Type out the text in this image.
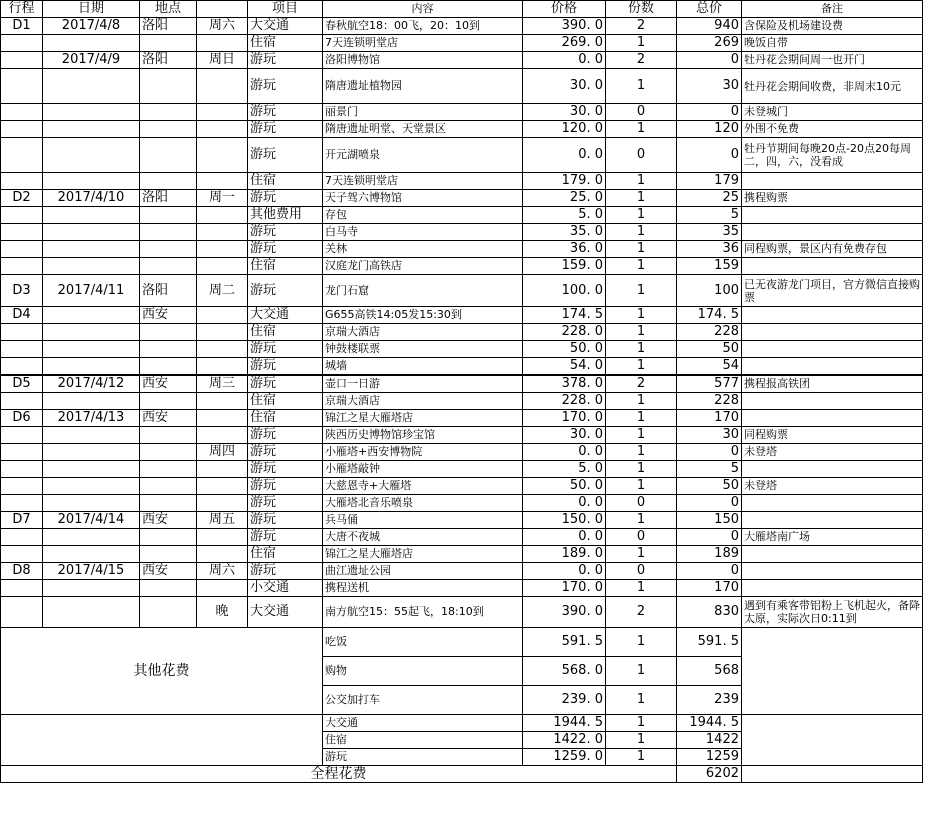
行程	日期	地点		项目	内容	价格	份数	总价	备注
D1	2017/4/8	洛阳	周六	大交通	春秋航空18：00飞，20：10到	390. 0	2	940	含保险及机场建设费
				住宿	7天连锁明堂店	269. 0	1	269	晚饭自带
	2017/4/9	洛阳	周日	游玩	洛阳博物馆	0. 0	2	0	牡丹花会期间周一也开门
				游玩	隋唐遗址植物园	30. 0	1	30	牡丹花会期间收费，非周末10元
				游玩	丽景门	30. 0	0	0	未登城门
				游玩	隋唐遗址明堂、天堂景区	120. 0	1	120	外围不免费
				游玩	开元湖喷泉	0. 0	0	0	牡丹节期间每晚20点-20点20每周二，四，六，没看成
				住宿	7天连锁明堂店	179. 0	1	179	
D2	2017/4/10	洛阳	周一	游玩	天子驾六博物馆	25. 0	1	25	携程购票
				其他费用	存包	5. 0	1	5	
				游玩	白马寺	35. 0	1	35	
				游玩	关林	36. 0	1	36	同程购票，景区内有免费存包
				住宿	汉庭龙门高铁店	159. 0	1	159	
D3	2017/4/11	洛阳	周二	游玩	龙门石窟	100. 0	1	100	已无夜游龙门项目，官方微信直接购票
D4		西安		大交通	G655高铁14:05发15:30到	174. 5	1	174. 5	
				住宿	京瑞大酒店	228. 0	1	228	
				游玩	钟鼓楼联票	50. 0	1	50	
				游玩	城墙	54. 0	1	54	
D5	2017/4/12	西安	周三	游玩	壶口一日游	378. 0	2	577	携程报高铁团
				住宿	京瑞大酒店	228. 0	1	228	
D6	2017/4/13	西安		住宿	锦江之星大雁塔店	170. 0	1	170	
				游玩	陕西历史博物馆珍宝馆	30. 0	1	30	同程购票
			周四	游玩	小雁塔+西安博物院	0. 0	1	0	未登塔
				游玩	小雁塔敲钟	5. 0	1	5	
				游玩	大慈恩寺+大雁塔	50. 0	1	50	未登塔
				游玩	大雁塔北音乐喷泉	0. 0	0	0	
D7	2017/4/14	西安	周五	游玩	兵马俑	150. 0	1	150	
				游玩	大唐不夜城	0. 0	0	0	大雁塔南广场
				住宿	锦江之星大雁塔店	189. 0	1	189	
D8	2017/4/15	西安	周六	游玩	曲江遗址公园	0. 0	0	0	
				小交通	携程送机	170. 0	1	170	
			晚	大交通	南方航空15：55起飞，18:10到	390. 0	2	830	遇到有乘客带铝粉上飞机起火，备降太原，实际次日0:11到
其他花费					吃饭	591. 5	1	591. 5	
					购物	568. 0	1	568	
					公交加打车	239. 0	1	239	
					大交通	1944. 5	1	1944. 5	
					住宿	1422. 0	1	1422	
					游玩	1259. 0	1	1259	
全程花费								6202	
